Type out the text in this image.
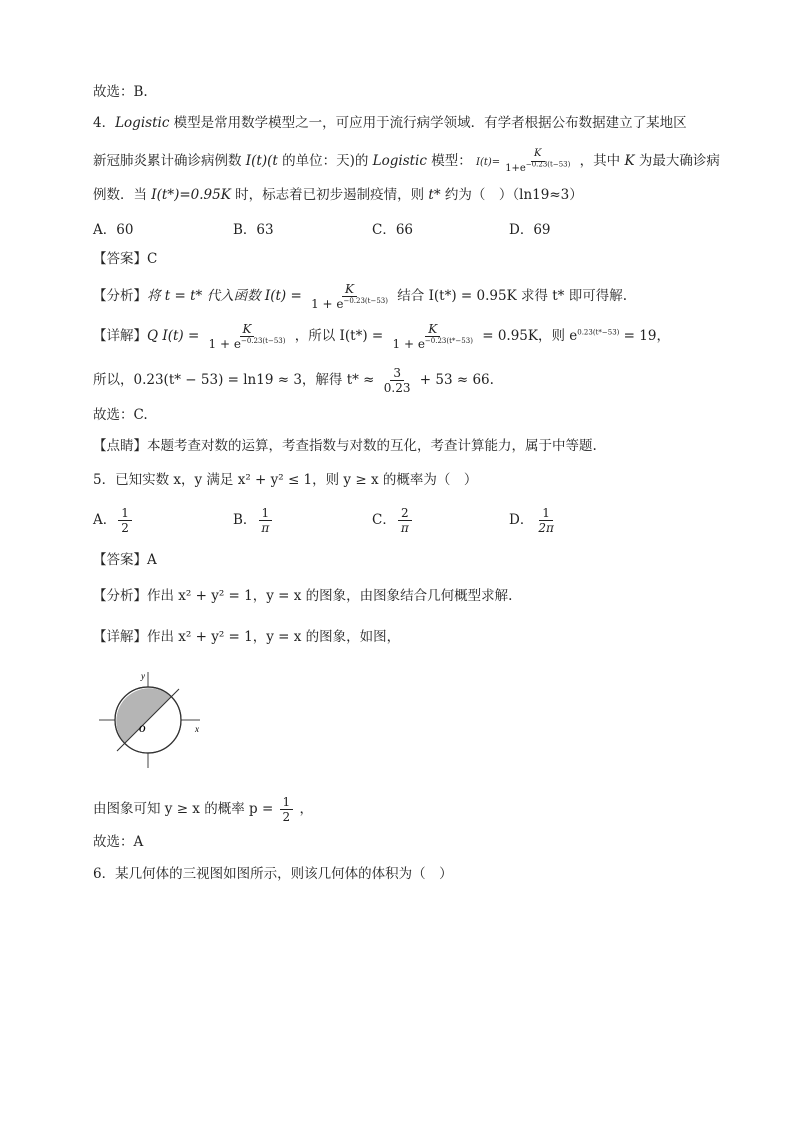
故选：B.
4．Logistic 模型是常用数学模型之一，可应用于流行病学领域．有学者根据公布数据建立了某地区
新冠肺炎累计确诊病例数 I(t)(t 的单位：天)的 Logistic 模型： $I(t)= \frac{K}{1+e^{-0.23(t-53)}}$ ，其中 K 为最大确诊病
例数．当 I(t*)=0.95K 时，标志着已初步遏制疫情，则 t* 约为（　）（ln19≈3）
A．60	B．63	C．66	D．69
【答案】C
【分析】将 t = t* 代入函数 $I(t) = \frac{K}{1 + e^{-0.23(t-53)}}$ 结合 I(t*) = 0.95K 求得 t* 即可得解.
【详解】Q $I(t) = \frac{K}{1 + e^{-0.23(t-53)}}$ ，所以 $I(t*) = \frac{K}{1 + e^{-0.23(t*-53)}} = 0.95K$，则 $e^{0.23(t*-53)} = 19$，
所以，0.23(t* − 53) = ln19 ≈ 3，解得 $t* \approx \frac{3}{0.23} + 53 \approx 66$.
故选：C.
【点睛】本题考查对数的运算，考查指数与对数的互化，考查计算能力，属于中等题.
5．已知实数 x，y 满足 x² + y² ≤ 1，则 y ≥ x 的概率为（　）
A． $\frac{1}{2}$	B． $\frac{1}{\pi}$	C． $\frac{2}{\pi}$	D． $\frac{1}{2\pi}$
【答案】A
【分析】作出 x² + y² = 1，y = x 的图象，由图象结合几何概型求解.
【详解】作出 x² + y² = 1，y = x 的图象，如图，
y
x
O
由图象可知 y ≥ x 的概率 $p = \frac{1}{2}$ ，
故选：A
6．某几何体的三视图如图所示，则该几何体的体积为（　）
